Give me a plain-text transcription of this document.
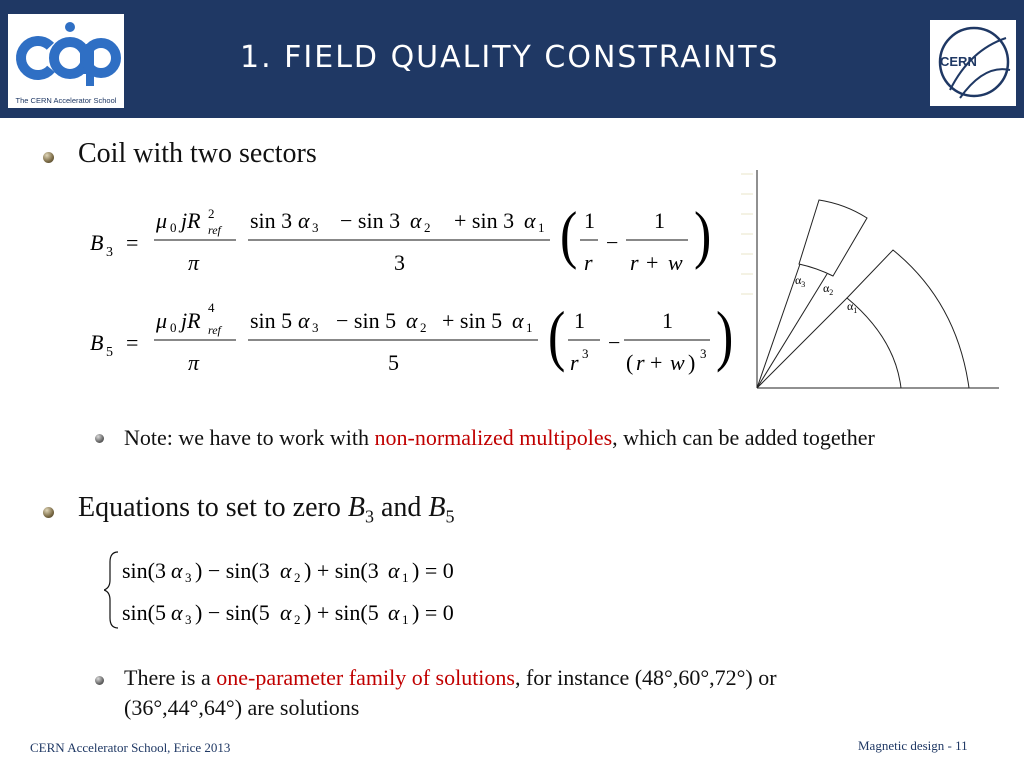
The CERN Accelerator School
1. FIELD QUALITY CONSTRAINTS	CERN
Coil with two sectors
B 3 =
μ 0 jR 2
ref
π
sin 3 α 3 − sin 3 α 2 + sin 3 α 1
3	( 1
r
−
1
r + w )
B 5 =
μ 0 jR
4
ref
π
sin 5 α 3 − sin 5 α 2 + sin 5 α 1
5	( 1
r 3 −
1
( r + w ) 3 )
$\alpha_3$ $\alpha_2$
$\alpha_1$
Note: we have to work with non-normalized multipoles, which can be added together
Equations to set to zero $B_3$ and $B_5$
sin(3 α 3 ) − sin(3 α 2 ) + sin(3 α 1 ) = 0
sin(5 α 3 ) − sin(5 α 2 ) + sin(5 α 1 ) = 0
There is a one-parameter family of solutions, for instance (48°,60°,72°) or (36°,44°,64°) are solutions
CERN Accelerator School, Erice 2013	Magnetic design - 11
